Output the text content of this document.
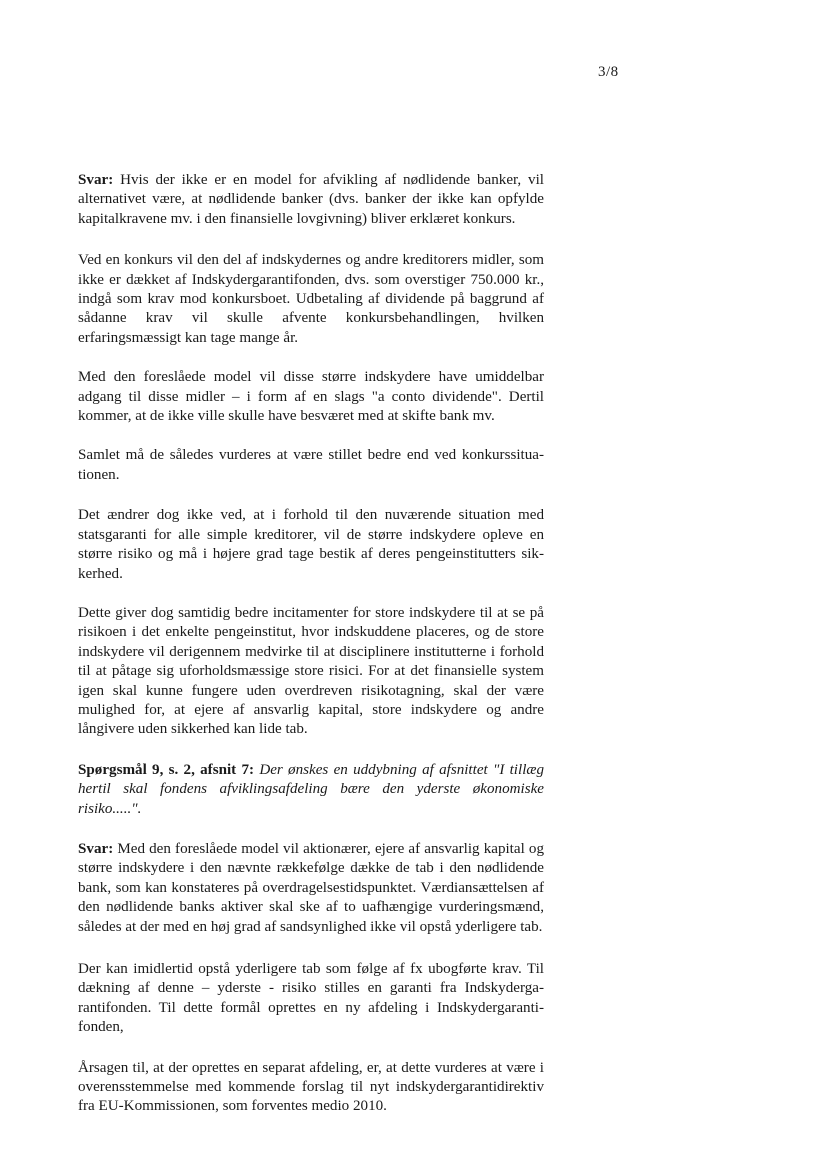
3/8

Svar: Hvis der ikke er en model for afvikling af nødlidende banker, vil alternativet være, at nødlidende banker (dvs. banker der ikke kan opfylde kapitalkravene mv. i den finansielle lovgivning) bliver erklæret konkurs.

Ved en konkurs vil den del af indskydernes og andre kreditorers midler, som ikke er dækket af Indskydergarantifonden, dvs. som overstiger 750.000 kr., indgå som krav mod konkursboet. Udbetaling af dividende på baggrund af sådanne krav vil skulle afvente konkursbehandlingen, hvilken erfaringsmæssigt kan tage mange år.

Med den foreslåede model vil disse større indskydere have umiddelbar adgang til disse midler – i form af en slags "a conto dividende". Dertil kommer, at de ikke ville skulle have besværet med at skifte bank mv.

Samlet må de således vurderes at være stillet bedre end ved konkurssituationen.

Det ændrer dog ikke ved, at i forhold til den nuværende situation med statsgaranti for alle simple kreditorer, vil de større indskydere opleve en større risiko og må i højere grad tage bestik af deres pengeinstitutters sikkerhed.

Dette giver dog samtidig bedre incitamenter for store indskydere til at se på risikoen i det enkelte pengeinstitut, hvor indskuddene placeres, og de store indskydere vil derigennem medvirke til at disciplinere institutterne i forhold til at påtage sig uforholdsmæssige store risici. For at det finansielle system igen skal kunne fungere uden overdreven risikotagning, skal der være mulighed for, at ejere af ansvarlig kapital, store indskydere og andre långivere uden sikkerhed kan lide tab.

Spørgsmål 9, s. 2, afsnit 7: Der ønskes en uddybning af afsnittet "I tillæg hertil skal fondens afviklingsafdeling bære den yderste økonomiske risiko.....".

Svar: Med den foreslåede model vil aktionærer, ejere af ansvarlig kapital og større indskydere i den nævnte rækkefølge dække de tab i den nødlidende bank, som kan konstateres på overdragelsestidspunktet. Værdiansættelsen af den nødlidende banks aktiver skal ske af to uafhængige vurderingsmænd, således at der med en høj grad af sandsynlighed ikke vil opstå yderligere tab.

Der kan imidlertid opstå yderligere tab som følge af fx ubogførte krav. Til dækning af denne – yderste - risiko stilles en garanti fra Indskydergarantifonden. Til dette formål oprettes en ny afdeling i Indskydergarantifonden,

Årsagen til, at der oprettes en separat afdeling, er, at dette vurderes at være i overensstemmelse med kommende forslag til nyt indskydergarantidirektiv fra EU-Kommissionen, som forventes medio 2010.
